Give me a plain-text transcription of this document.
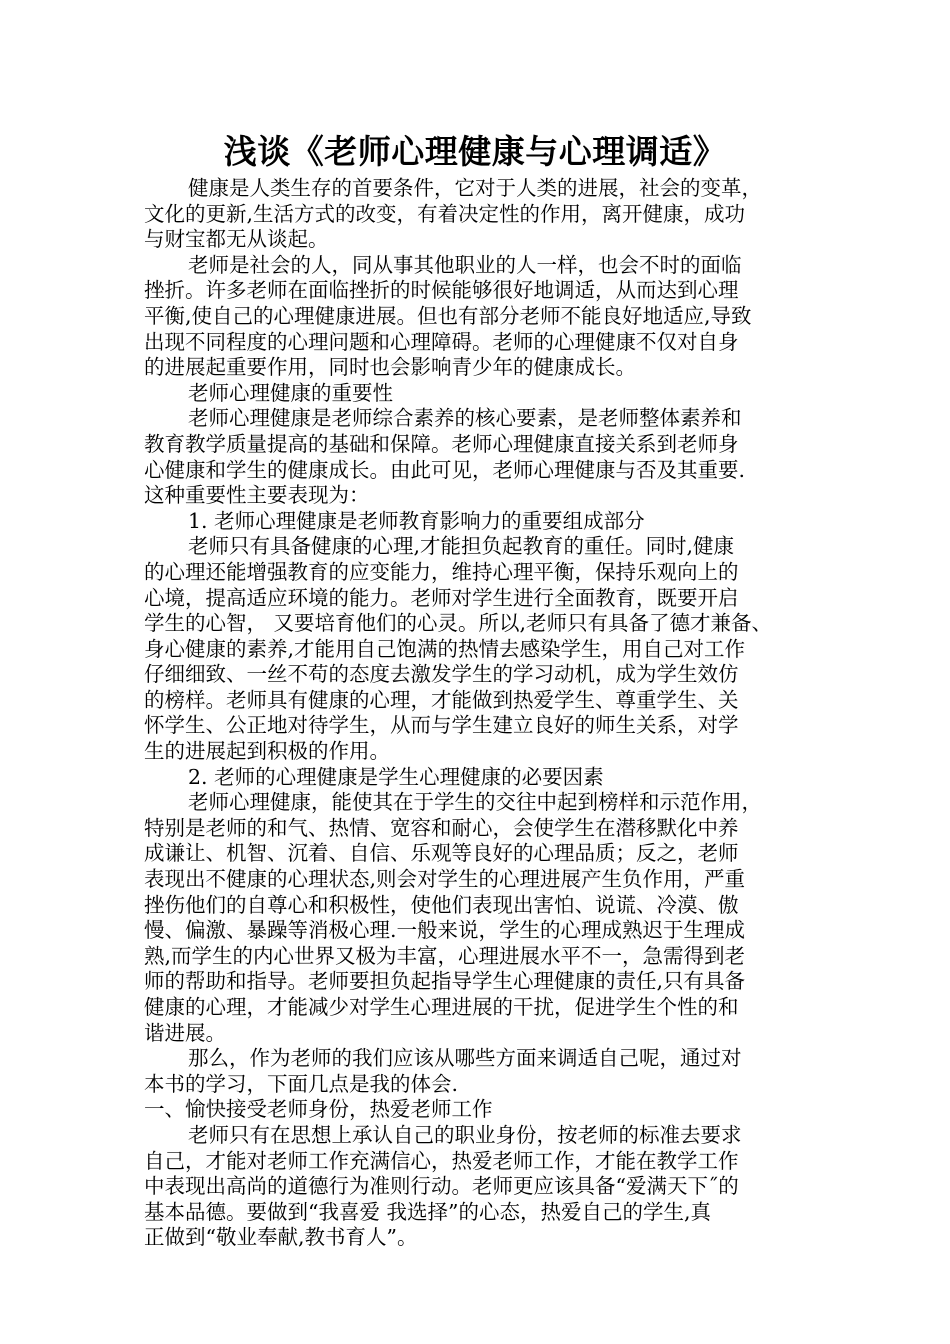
浅谈《老师心理健康与心理调适》
健康是人类生存的首要条件，它对于人类的进展，社会的变革，
文化的更新,生活方式的改变，有着决定性的作用，离开健康，成功
与财宝都无从谈起。
老师是社会的人，同从事其他职业的人一样，也会不时的面临
挫折。许多老师在面临挫折的时候能够很好地调适，从而达到心理
平衡,使自己的心理健康进展。但也有部分老师不能良好地适应,导致
出现不同程度的心理问题和心理障碍。老师的心理健康不仅对自身
的进展起重要作用，同时也会影响青少年的健康成长。
老师心理健康的重要性
老师心理健康是老师综合素养的核心要素，是老师整体素养和
教育教学质量提高的基础和保障。老师心理健康直接关系到老师身
心健康和学生的健康成长。由此可见，老师心理健康与否及其重要.
这种重要性主要表现为：
1. 老师心理健康是老师教育影响力的重要组成部分
老师只有具备健康的心理,才能担负起教育的重任。同时,健康
的心理还能增强教育的应变能力，维持心理平衡，保持乐观向上的
心境，提高适应环境的能力。老师对学生进行全面教育，既要开启
学生的心智， 又要培育他们的心灵。所以,老师只有具备了德才兼备、
身心健康的素养,才能用自己饱满的热情去感染学生，用自己对工作
仔细细致、一丝不苟的态度去激发学生的学习动机，成为学生效仿
的榜样。老师具有健康的心理，才能做到热爱学生、尊重学生、关
怀学生、公正地对待学生，从而与学生建立良好的师生关系，对学
生的进展起到积极的作用。
2. 老师的心理健康是学生心理健康的必要因素
老师心理健康，能使其在于学生的交往中起到榜样和示范作用，
特别是老师的和气、热情、宽容和耐心，会使学生在潜移默化中养
成谦让、机智、沉着、自信、乐观等良好的心理品质；反之，老师
表现出不健康的心理状态,则会对学生的心理进展产生负作用，严重
挫伤他们的自尊心和积极性，使他们表现出害怕、说谎、冷漠、傲
慢、偏激、暴躁等消极心理.一般来说，学生的心理成熟迟于生理成
熟,而学生的内心世界又极为丰富，心理进展水平不一，急需得到老
师的帮助和指导。老师要担负起指导学生心理健康的责任,只有具备
健康的心理，才能减少对学生心理进展的干扰，促进学生个性的和
谐进展。
那么，作为老师的我们应该从哪些方面来调适自己呢，通过对
本书的学习，下面几点是我的体会.
一、愉快接受老师身份，热爱老师工作
老师只有在思想上承认自己的职业身份，按老师的标准去要求
自己，才能对老师工作充满信心，热爱老师工作，才能在教学工作
中表现出高尚的道德行为准则行动。老师更应该具备“爱满天下˝的
基本品德。要做到“我喜爱 我选择”的心态，热爱自己的学生,真
正做到“敬业奉献,教书育人”。
